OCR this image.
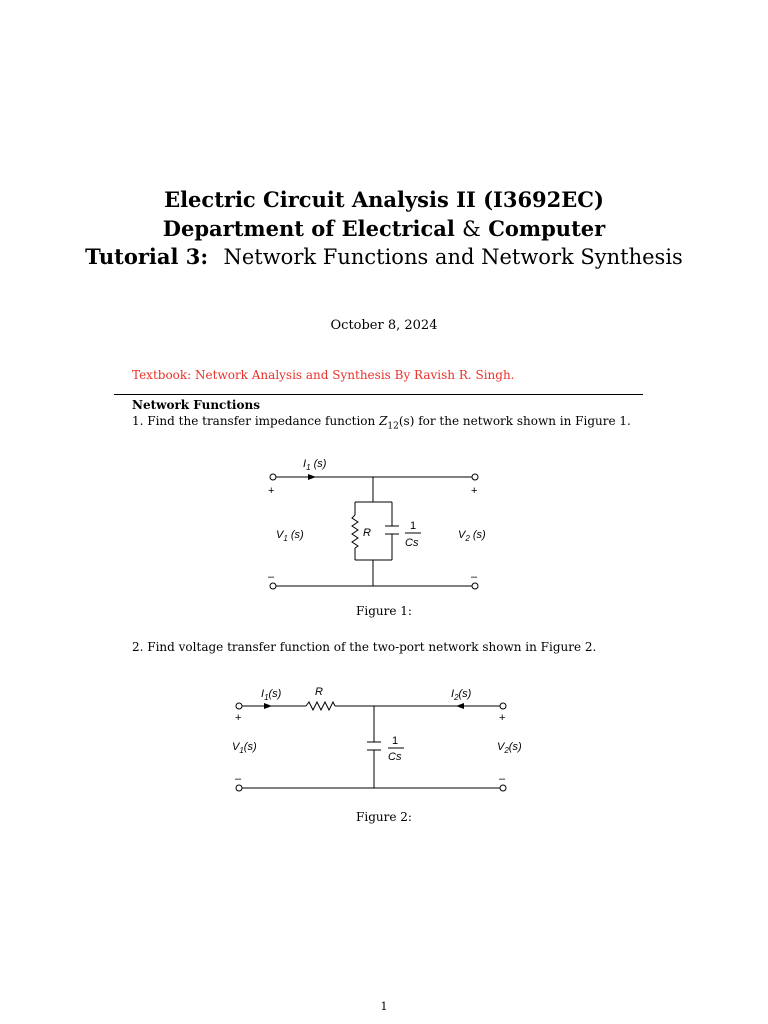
Electric Circuit Analysis II (I3692EC)
Department of Electrical & Computer
Tutorial 3: Network Functions and Network Synthesis
October 8, 2024
Textbook: Network Analysis and Synthesis By Ravish R. Singh.
Network Functions
1. Find the transfer impedance function $Z_{12}(s)$ for the network shown in Figure 1.
$I_1$ (s)
+	+
–	–
$V_1$ (s)	$V_2$ (s)
R
1
Cs
$I_1(s)$	R	$I_2(s)$
+	+
–	–
$V_1(s)$	$V_2(s)$
1
Cs
Figure 1:
2. Find voltage transfer function of the two-port network shown in Figure 2.
Figure 2:
1
